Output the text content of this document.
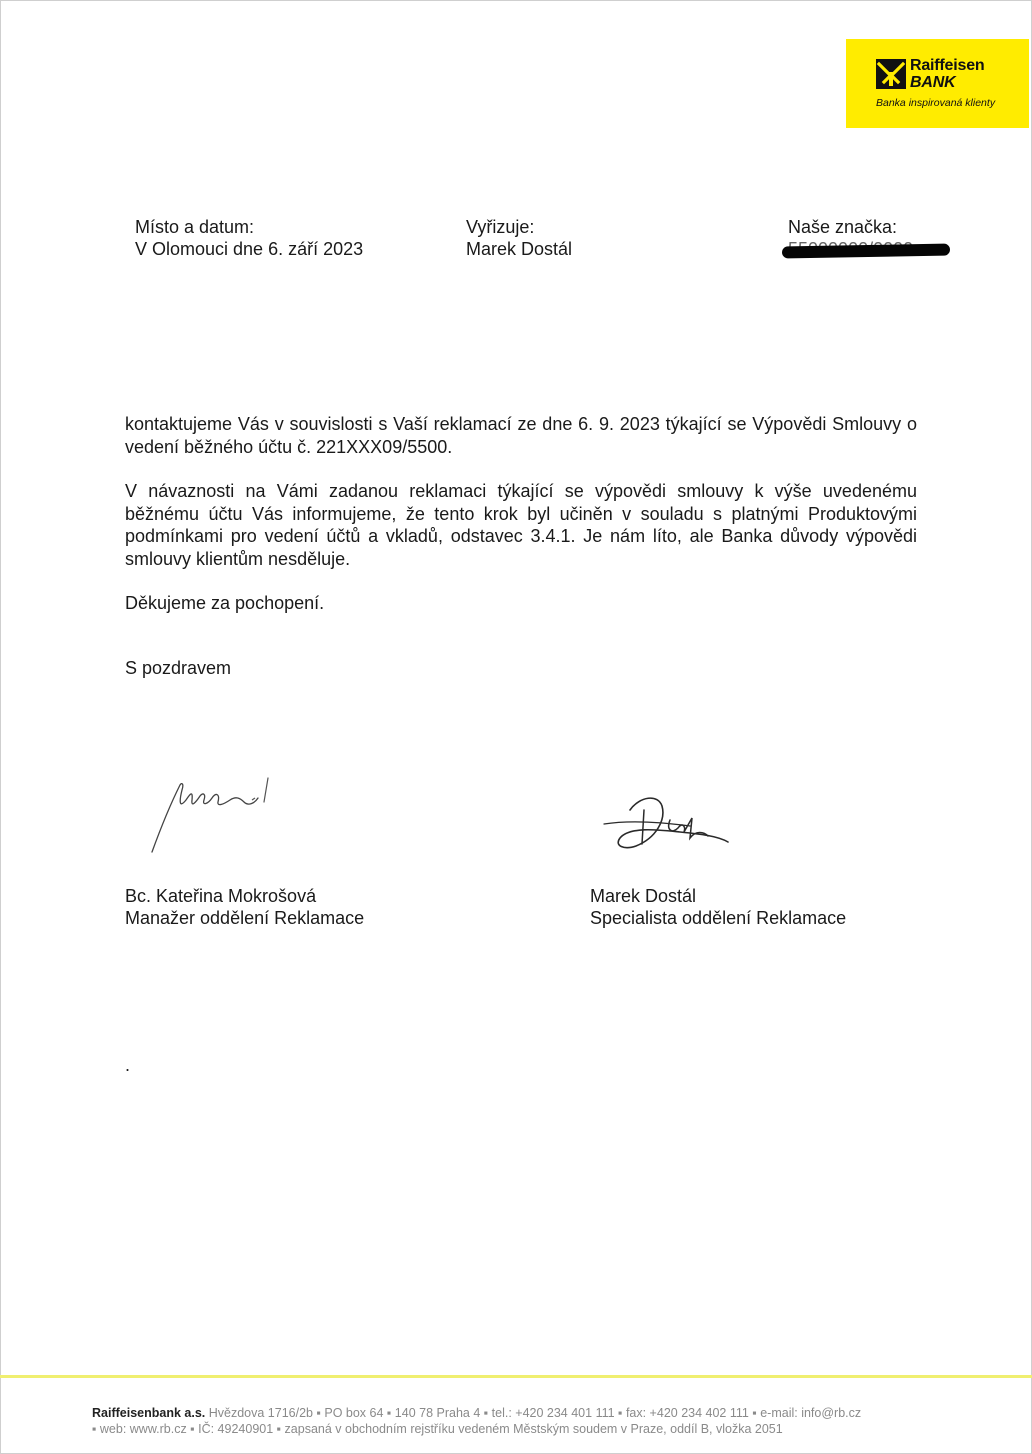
Raiffeisen
BANK
Banka inspirovaná klienty
Místo a datum:
V Olomouci dne 6. září 2023
Vyřizuje:
Marek Dostál
Naše značka:
kontaktujeme Vás v souvislosti s Vaší reklamací ze dne 6. 9. 2023 týkající se Výpovědi Smlouvy o vedení běžného účtu č. 221XXX09/5500.
V návaznosti na Vámi zadanou reklamaci týkající se výpovědi smlouvy k výše uvedenému běžnému účtu Vás informujeme, že tento krok byl učiněn v souladu s platnými Produktovými podmínkami pro vedení účtů a vkladů, odstavec 3.4.1. Je nám líto, ale Banka důvody výpovědi smlouvy klientům nesděluje.
Děkujeme za pochopení.
S pozdravem
Bc. Kateřina Mokrošová
Manažer oddělení Reklamace
Marek Dostál
Specialista oddělení Reklamace
.
Raiffeisenbank a.s. Hvězdova 1716/2b ▪ PO box 64 ▪ 140 78 Praha 4 ▪ tel.: +420 234 401 111 ▪ fax: +420 234 402 111 ▪ e-mail: info@rb.cz
▪ web: www.rb.cz ▪ IČ: 49240901 ▪ zapsaná v obchodním rejstříku vedeném Městským soudem v Praze, oddíl B, vložka 2051
